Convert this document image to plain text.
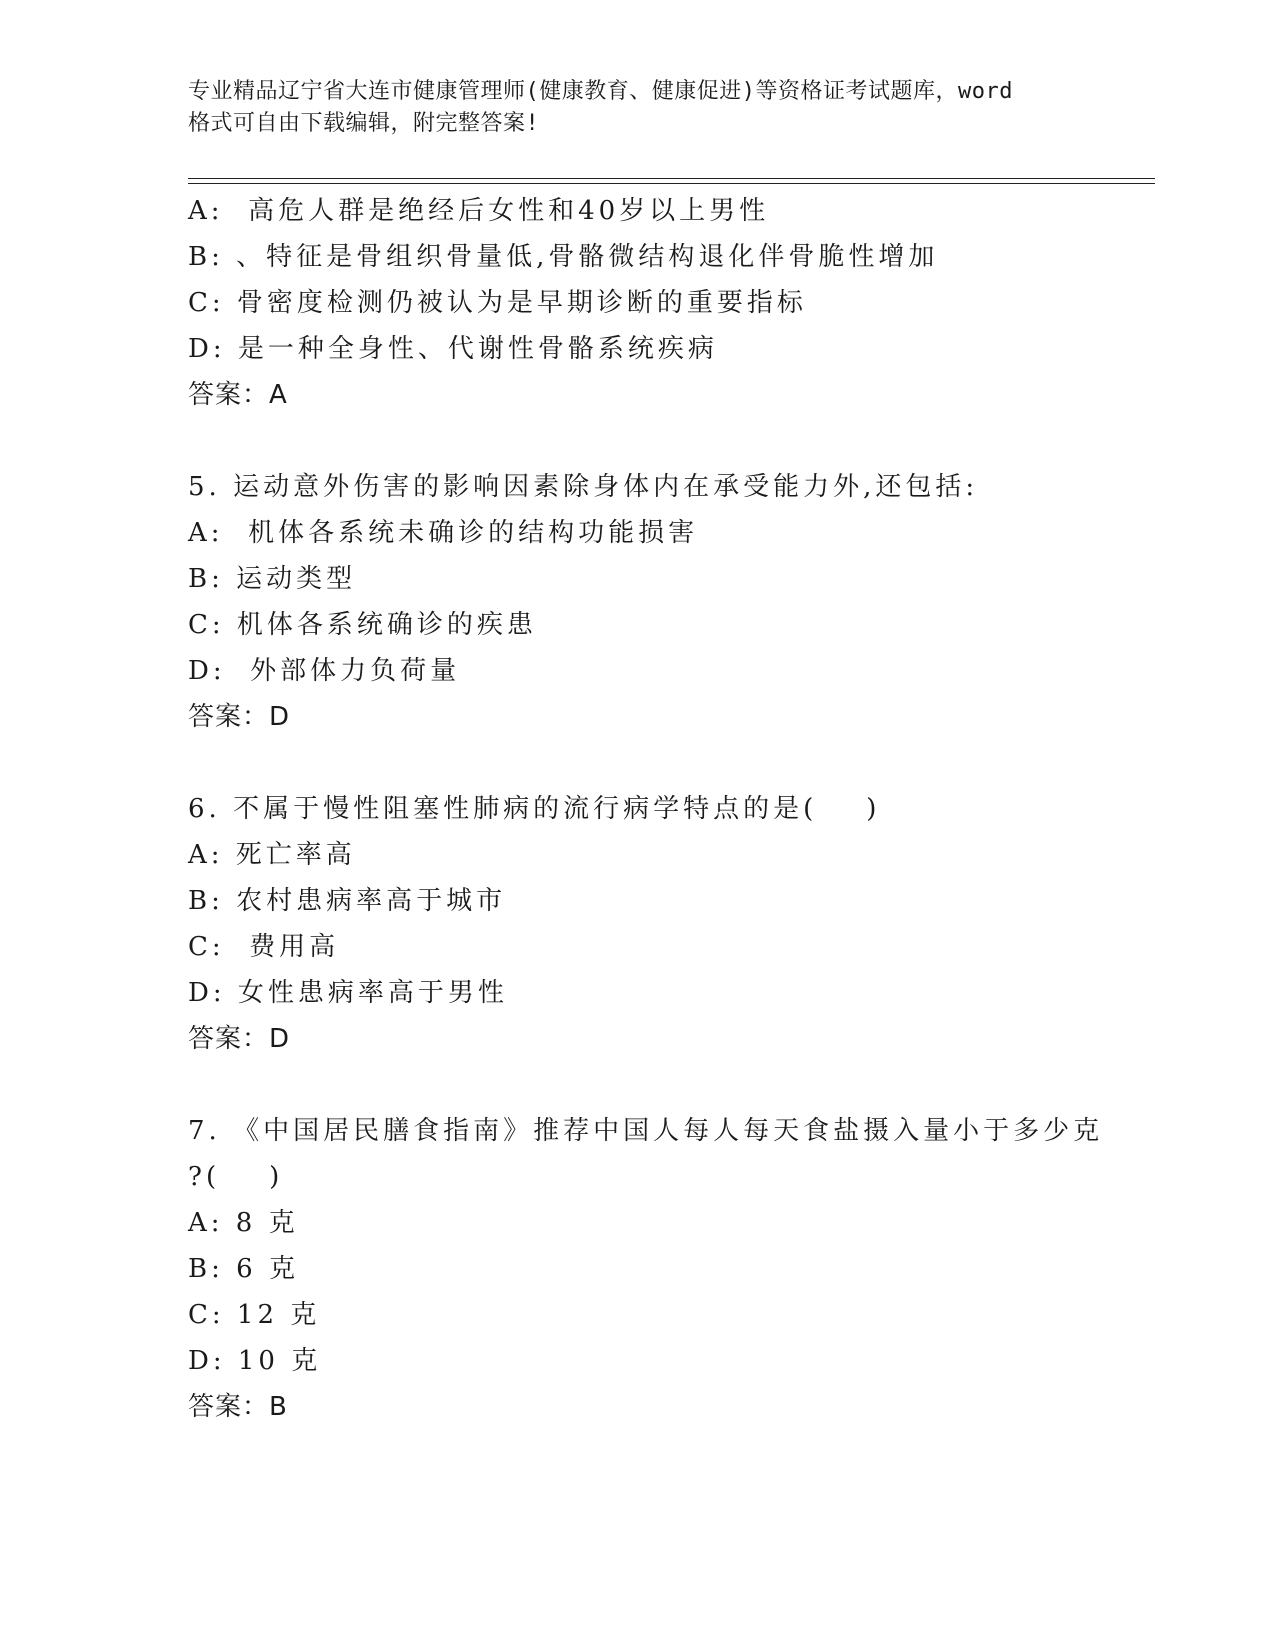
专业精品辽宁省大连市健康管理师(健康教育、健康促进)等资格证考试题库，word

格式可自由下载编辑，附完整答案!

A:  高危人群是绝经后女性和40岁以上男性
B: 、特征是骨组织骨量低,骨骼微结构退化伴骨脆性增加
C: 骨密度检测仍被认为是早期诊断的重要指标
D: 是一种全身性、代谢性骨骼系统疾病
答案：A
5. 运动意外伤害的影响因素除身体内在承受能力外,还包括:
A:  机体各系统未确诊的结构功能损害
B: 运动类型
C: 机体各系统确诊的疾患
D:  外部体力负荷量
答案：D
6. 不属于慢性阻塞性肺病的流行病学特点的是(    )
A: 死亡率高
B: 农村患病率高于城市
C:  费用高
D: 女性患病率高于男性
答案：D
7. 《中国居民膳食指南》推荐中国人每人每天食盐摄入量小于多少克
?(    )
A: 8 克
B: 6 克
C: 12 克
D: 10 克
答案：B
